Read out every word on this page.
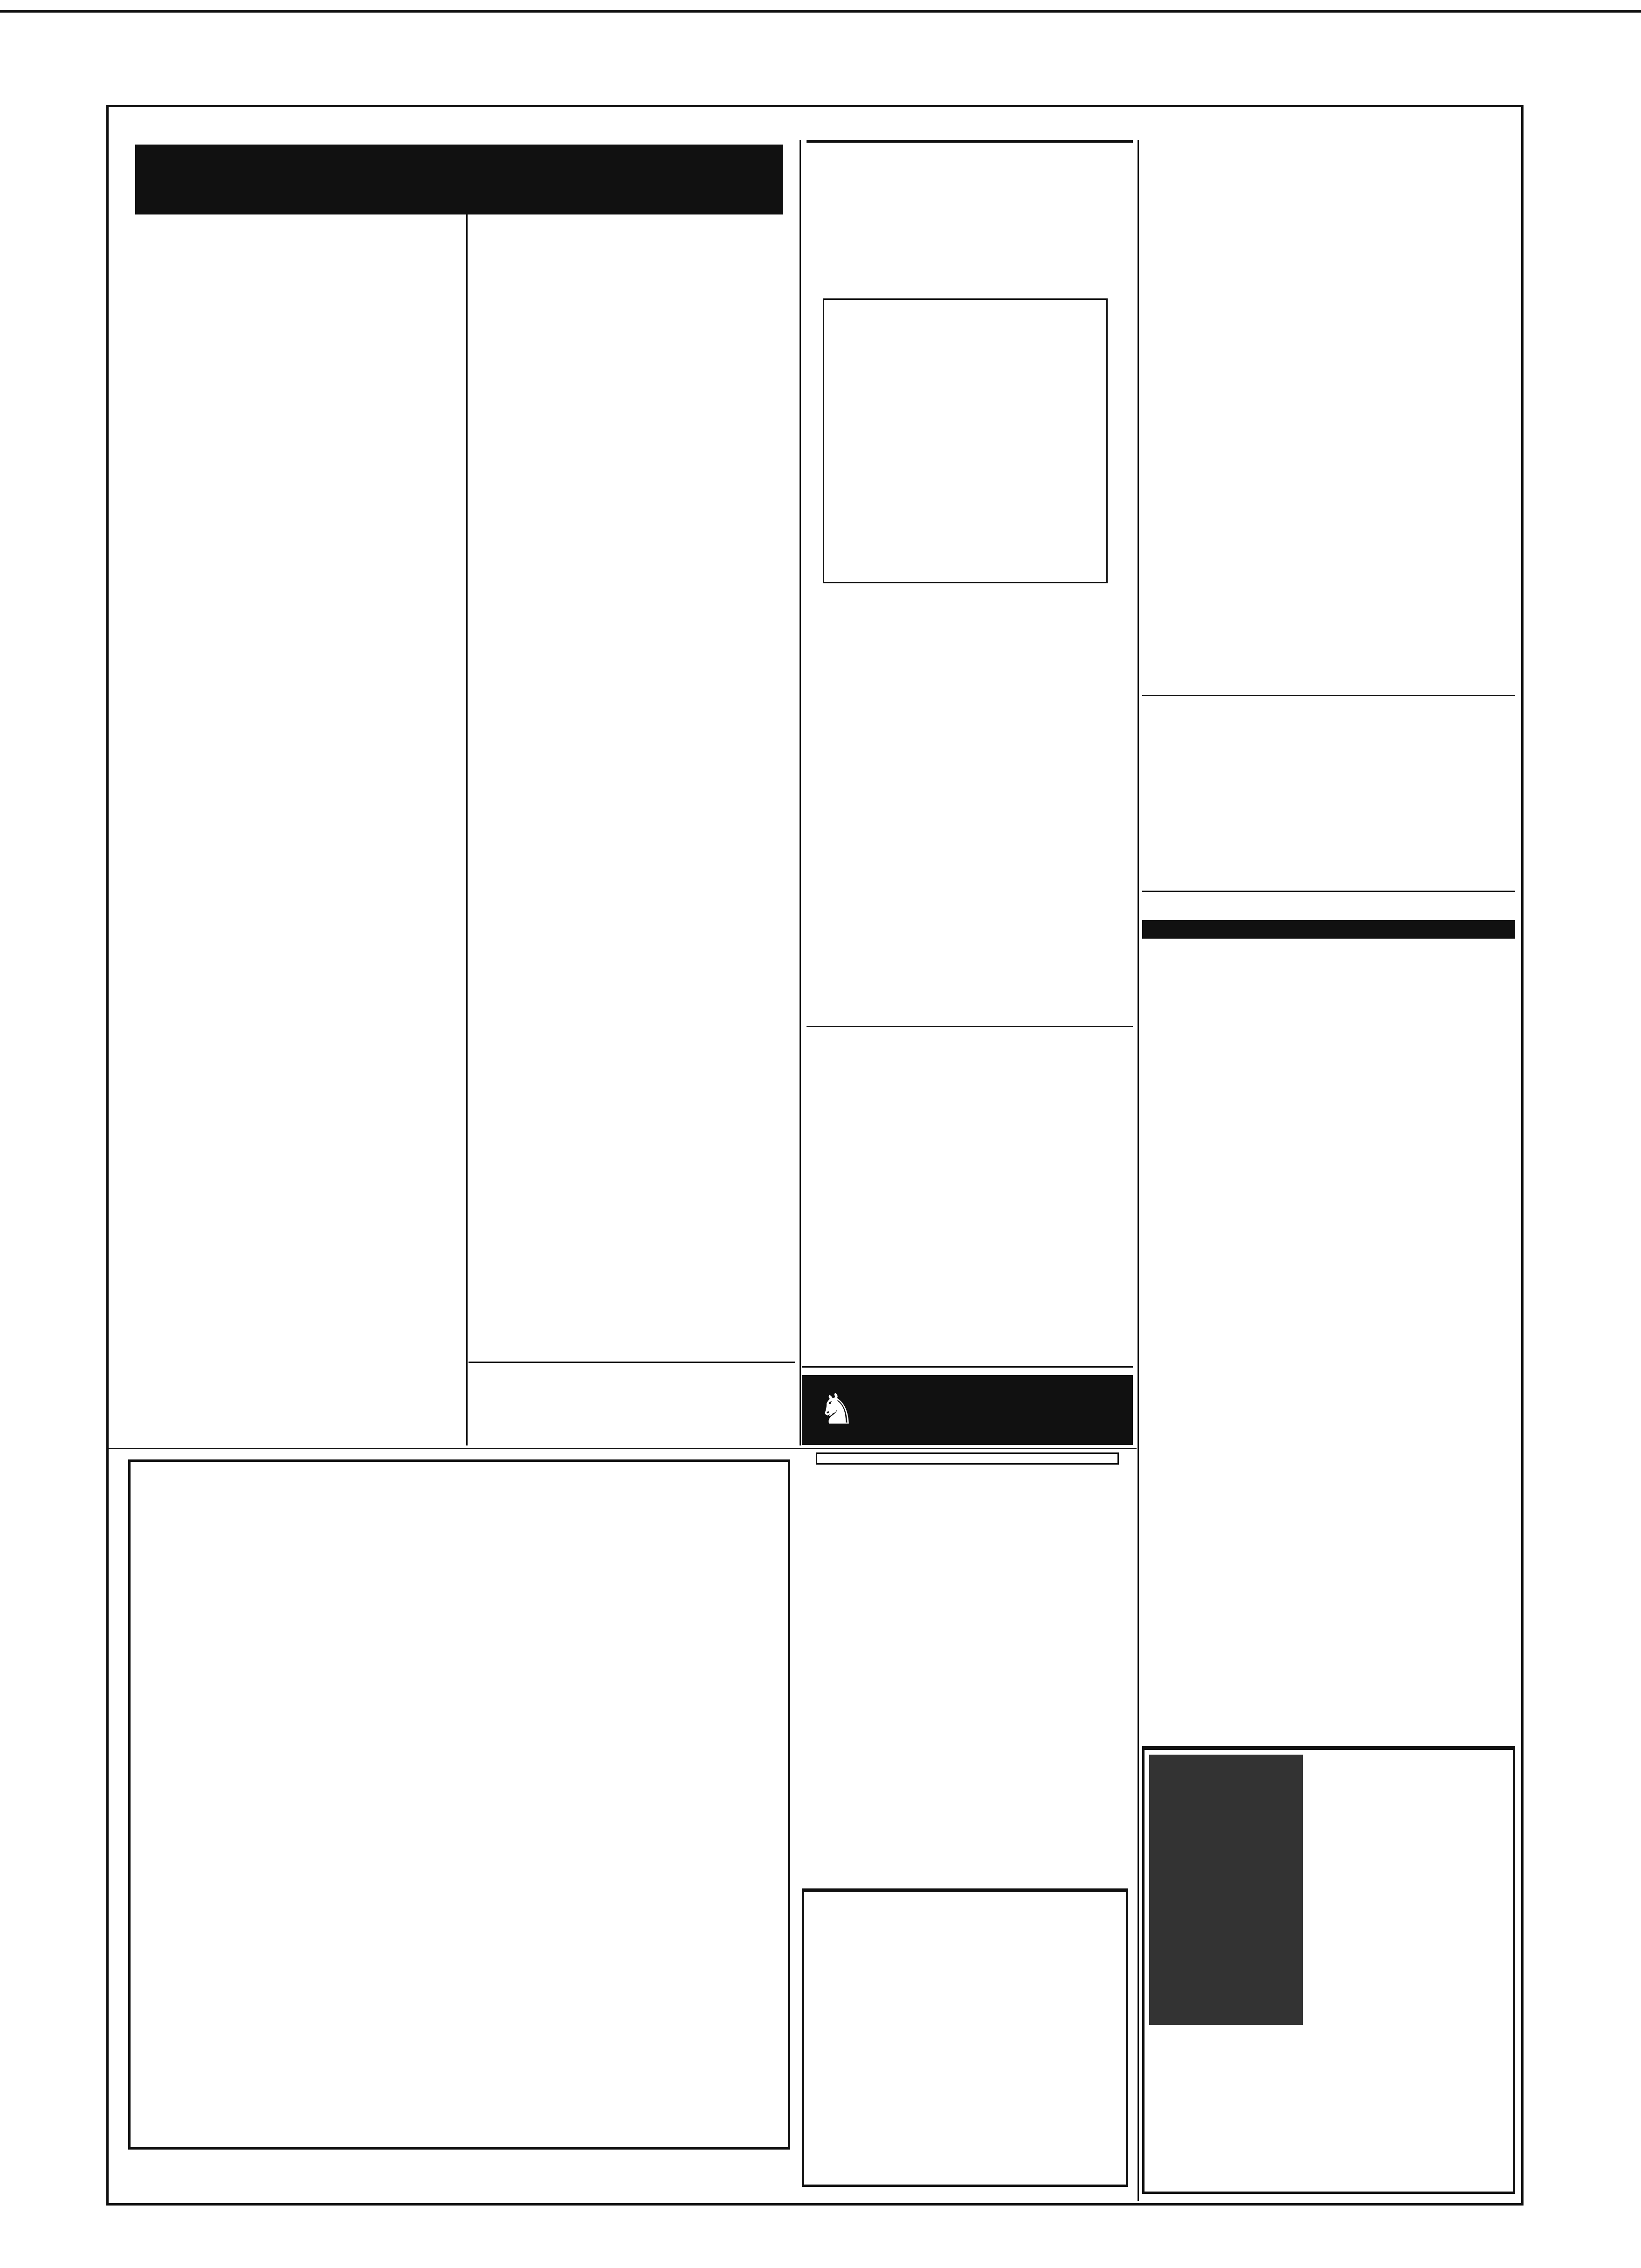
♞
